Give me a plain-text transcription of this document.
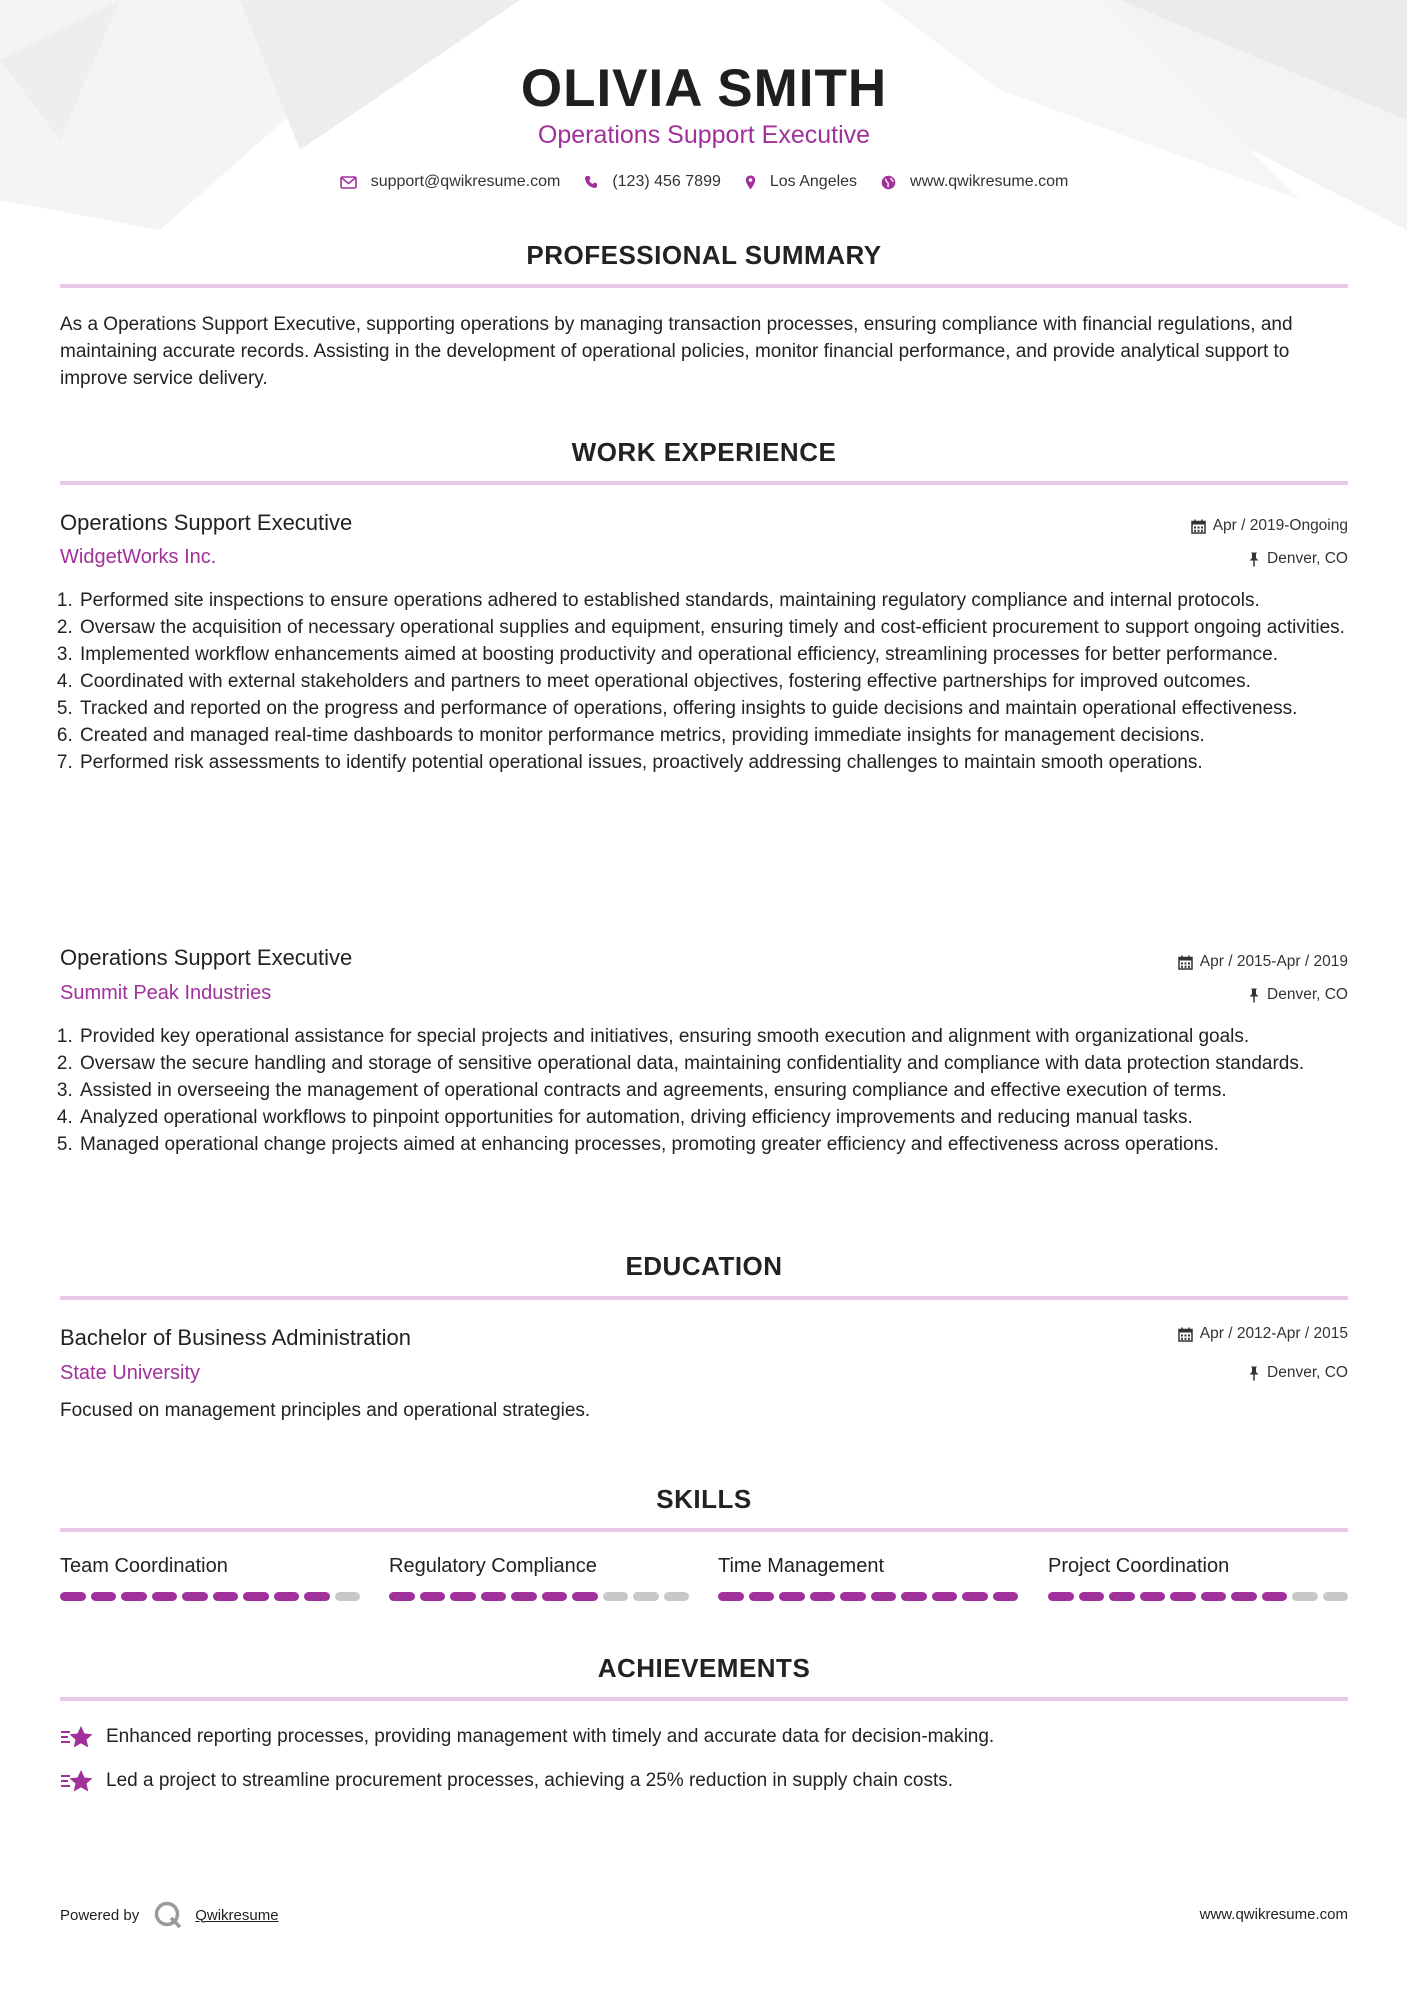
OLIVIA SMITH
Operations Support Executive
support@qwikresume.com	(123) 456 7899	Los Angeles	www.qwikresume.com
PROFESSIONAL SUMMARY
As a Operations Support Executive, supporting operations by managing transaction processes, ensuring compliance with financial regulations, and maintaining accurate records. Assisting in the development of operational policies, monitor financial performance, and provide analytical support to improve service delivery.
WORK EXPERIENCE
Operations Support Executive	Apr / 2019-Ongoing
WidgetWorks Inc.	Denver, CO
1. Performed site inspections to ensure operations adhered to established standards, maintaining regulatory compliance and internal protocols.
2. Oversaw the acquisition of necessary operational supplies and equipment, ensuring timely and cost-efficient procurement to support ongoing activities.
3. Implemented workflow enhancements aimed at boosting productivity and operational efficiency, streamlining processes for better performance.
4. Coordinated with external stakeholders and partners to meet operational objectives, fostering effective partnerships for improved outcomes.
5. Tracked and reported on the progress and performance of operations, offering insights to guide decisions and maintain operational effectiveness.
6. Created and managed real-time dashboards to monitor performance metrics, providing immediate insights for management decisions.
7. Performed risk assessments to identify potential operational issues, proactively addressing challenges to maintain smooth operations.
Operations Support Executive	Apr / 2015-Apr / 2019
Summit Peak Industries	Denver, CO
1. Provided key operational assistance for special projects and initiatives, ensuring smooth execution and alignment with organizational goals.
2. Oversaw the secure handling and storage of sensitive operational data, maintaining confidentiality and compliance with data protection standards.
3. Assisted in overseeing the management of operational contracts and agreements, ensuring compliance and effective execution of terms.
4. Analyzed operational workflows to pinpoint opportunities for automation, driving efficiency improvements and reducing manual tasks.
5. Managed operational change projects aimed at enhancing processes, promoting greater efficiency and effectiveness across operations.
EDUCATION
Bachelor of Business Administration	Apr / 2012-Apr / 2015
State University	Denver, CO
Focused on management principles and operational strategies.
SKILLS
Team Coordination	Regulatory Compliance	Time Management	Project Coordination
ACHIEVEMENTS
Enhanced reporting processes, providing management with timely and accurate data for decision-making.
Led a project to streamline procurement processes, achieving a 25% reduction in supply chain costs.
Powered by	Qwikresume	www.qwikresume.com
